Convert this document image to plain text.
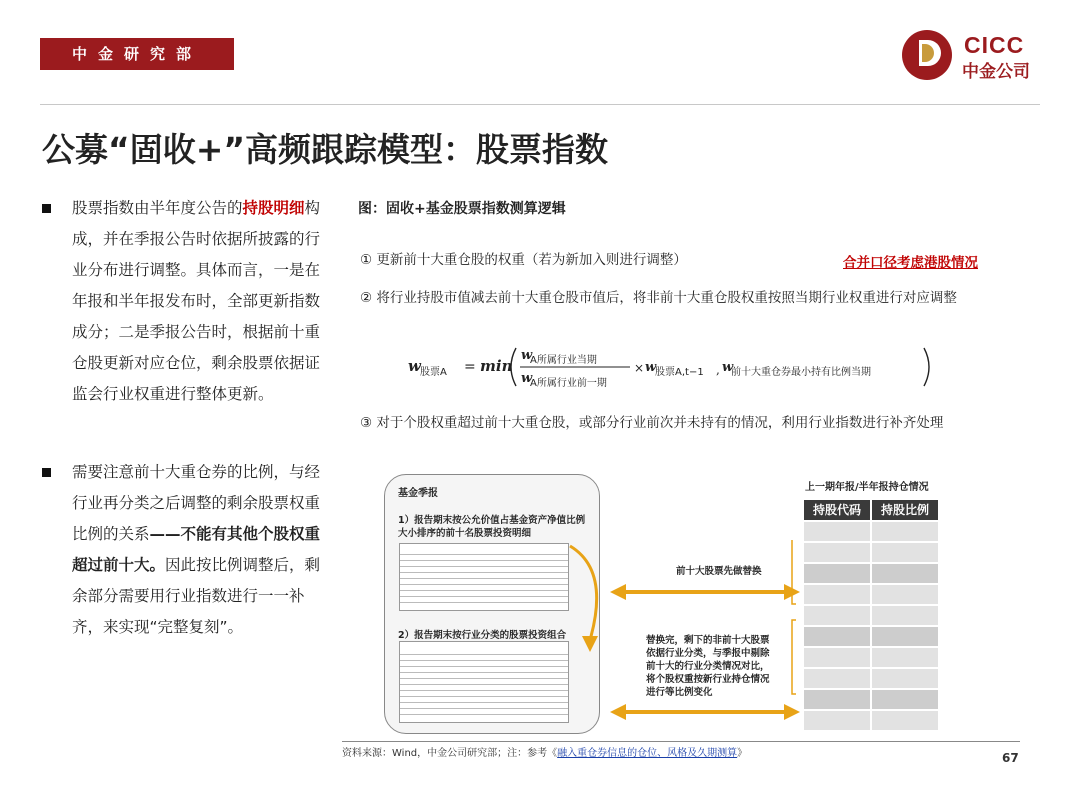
中金研究部	CICC
中金公司
公募“固收+”高频跟踪模型：股票指数
股票指数由半年度公告的持股明细构成，并在季报公告时依据所披露的行业分布进行调整。具体而言，一是在年报和半年报发布时，全部更新指数成分；二是季报公告时，根据前十重仓股更新对应仓位，剩余股票依据证监会行业权重进行整体更新。
需要注意前十大重仓券的比例，与经行业再分类之后调整的剩余股票权重比例的关系——不能有其他个股权重超过前十大。因此按比例调整后，剩余部分需要用行业指数进行一一补齐，来实现“完整复刻”。
图：固收+基金股票指数测算逻辑
① 更新前十大重仓股的权重（若为新加入则进行调整）	合并口径考虑港股情况
② 将行业持股市值减去前十大重仓股市值后，将非前十大重仓股权重按照当期行业权重进行对应调整
w 股票A = min
w
A所属行业当期
w
A所属行业前一期
× w
股票A,t−1 , w
前十大重仓券最小持有比例当期
③ 对于个股权重超过前十大重仓股，或部分行业前次并未持有的情况，利用行业指数进行补齐处理
基金季报
1）报告期末按公允价值占基金资产净值比例大小排序的前十名股票投资明细
2）报告期末按行业分类的股票投资组合
前十大股票先做替换
替换完，剩下的非前十大股票依据行业分类，与季报中剔除前十大的行业分类情况对比，将个股权重按新行业持仓情况进行等比例变化
上一期年报/半年报持仓情况
持股代码	持股比例
资料来源：Wind，中金公司研究部；注：参考《融入重仓券信息的仓位、风格及久期测算》	67
